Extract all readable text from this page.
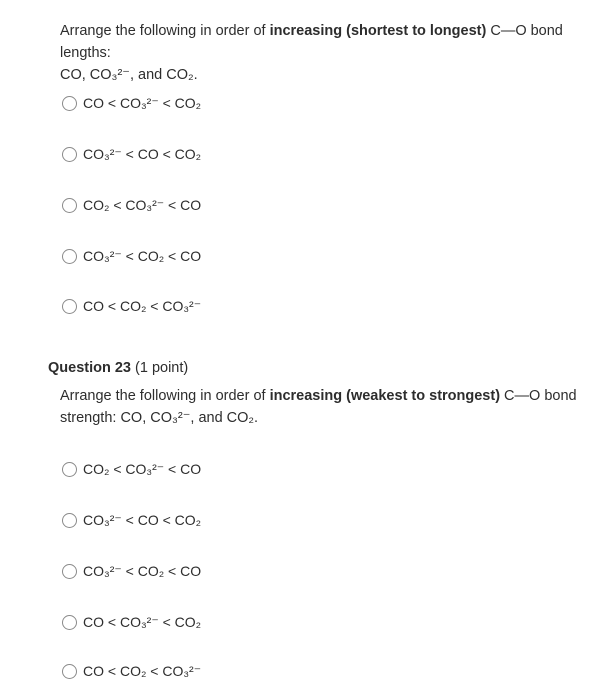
Arrange the following in order of increasing (shortest to longest) C—O bond lengths:
CO, CO₃²⁻, and CO₂.
CO < CO₃²⁻ < CO₂
CO₃²⁻ < CO < CO₂
CO₂ < CO₃²⁻ < CO
CO₃²⁻ < CO₂ < CO
CO < CO₂ < CO₃²⁻
Question 23 (1 point)
Arrange the following in order of increasing (weakest to strongest) C—O bond
strength: CO, CO₃²⁻, and CO₂.
CO₂ < CO₃²⁻ < CO
CO₃²⁻ < CO < CO₂
CO₃²⁻ < CO₂ < CO
CO < CO₃²⁻ < CO₂
CO < CO₂ < CO₃²⁻
